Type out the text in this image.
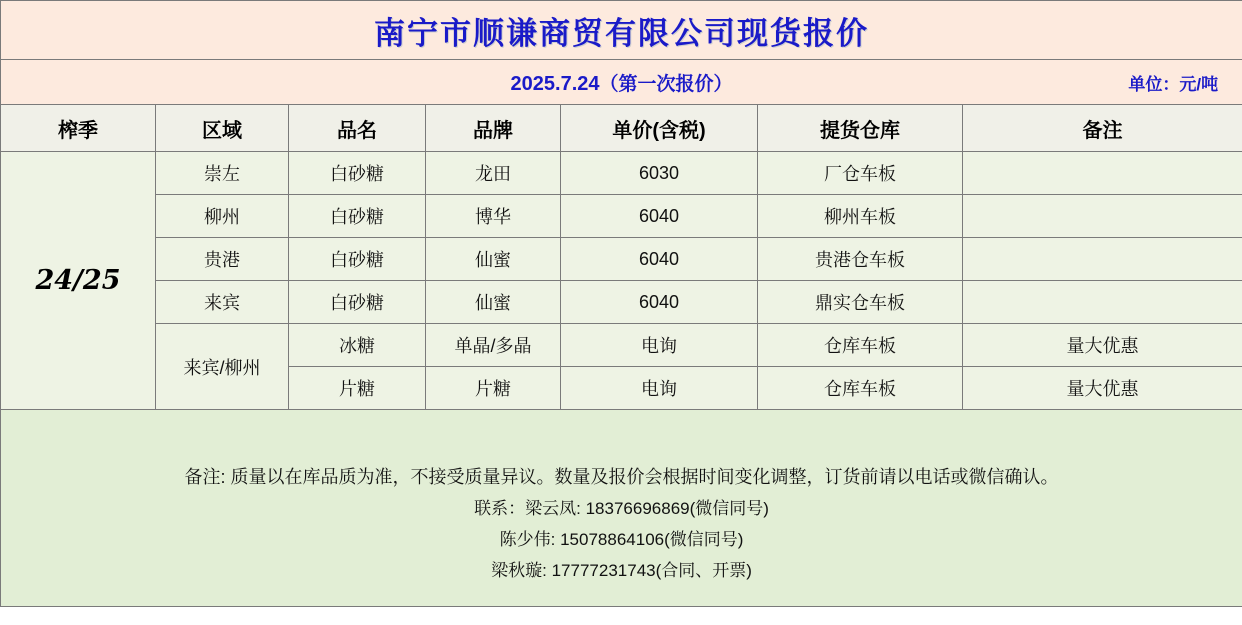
南宁市顺谦商贸有限公司现货报价						

2025.7.24（第一次报价） 单位：元/吨						

榨季	区域	品名	品牌	单价(含税)	提货仓库	备注
24/25	崇左	白砂糖	龙田	6030	厂仓车板	
	柳州	白砂糖	博华	6040	柳州车板	
	贵港	白砂糖	仙蜜	6040	贵港仓车板	
	来宾	白砂糖	仙蜜	6040	鼎实仓车板	
	来宾/柳州	冰糖	单晶/多晶	电询	仓库车板	量大优惠
		片糖	片糖	电询	仓库车板	量大优惠

备注: 质量以在库品质为准，不接受质量异议。数量及报价会根据时间变化调整，订货前请以电话或微信确认。
联系：梁云凤: 18376696869(微信同号)
陈少伟: 15078864106(微信同号)
梁秋璇: 17777231743(合同、开票)						
